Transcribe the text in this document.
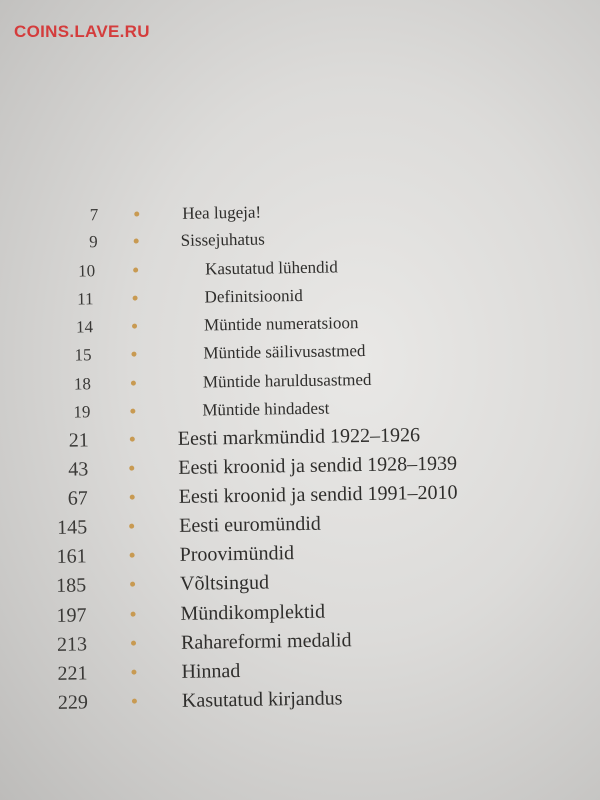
COINS.LAVE.RU
7	Hea lugeja!
9	Sissejuhatus
10	Kasutatud lühendid
11	Definitsioonid
14	Müntide numeratsioon
15	Müntide säilivusastmed
18	Müntide haruldusastmed
19	Müntide hindadest
21	Eesti markmündid 1922–1926
43	Eesti kroonid ja sendid 1928–1939
67	Eesti kroonid ja sendid 1991–2010
145	Eesti euromündid
161	Proovimündid
185	Võltsingud
197	Mündikomplektid
213	Rahareformi medalid
221	Hinnad
229	Kasutatud kirjandus
